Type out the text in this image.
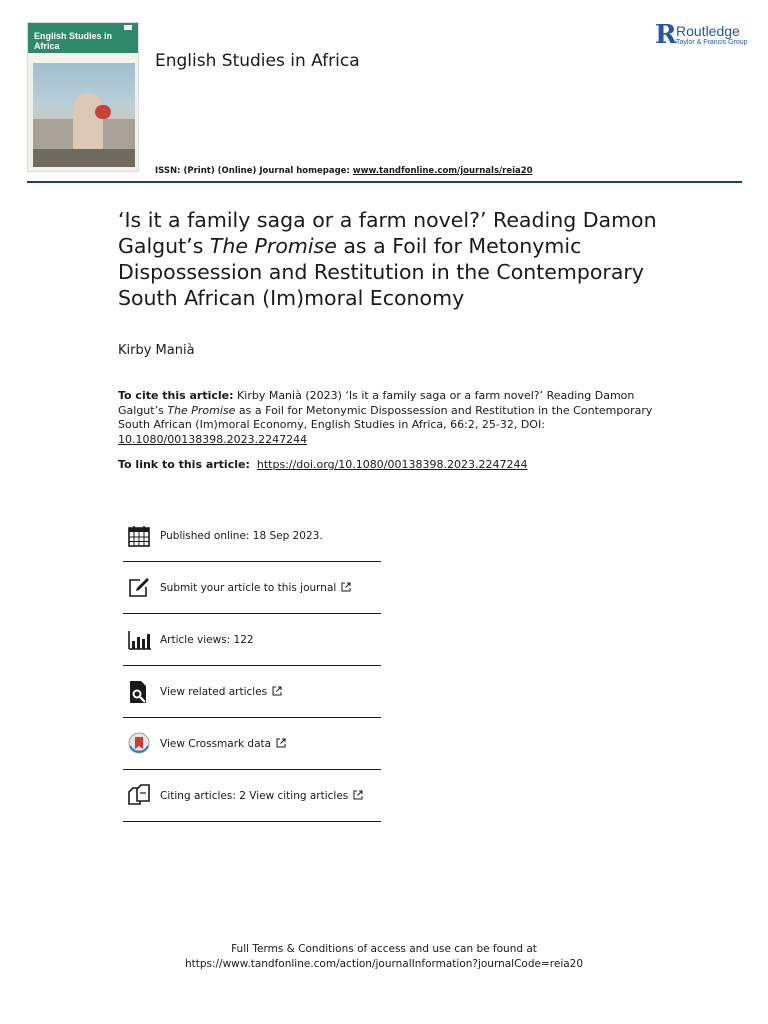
English Studies in Africa
English Studies in Africa
R Routledge
Taylor & Francis Group
ISSN: (Print) (Online) Journal homepage: www.tandfonline.com/journals/reia20
‘Is it a family saga or a farm novel?’ Reading Damon Galgut’s The Promise as a Foil for Metonymic Dispossession and Restitution in the Contemporary South African (Im)moral Economy
Kirby Manià
To cite this article: Kirby Manià (2023) ‘Is it a family saga or a farm novel?’ Reading Damon Galgut’s The Promise as a Foil for Metonymic Dispossession and Restitution in the Contemporary South African (Im)moral Economy, English Studies in Africa, 66:2, 25-32, DOI: 10.1080/00138398.2023.2247244
To link to this article: https://doi.org/10.1080/00138398.2023.2247244
Published online: 18 Sep 2023.
Submit your article to this journal
Article views: 122
View related articles
View Crossmark data
Citing articles: 2 View citing articles
Full Terms & Conditions of access and use can be found at
https://www.tandfonline.com/action/journalInformation?journalCode=reia20
